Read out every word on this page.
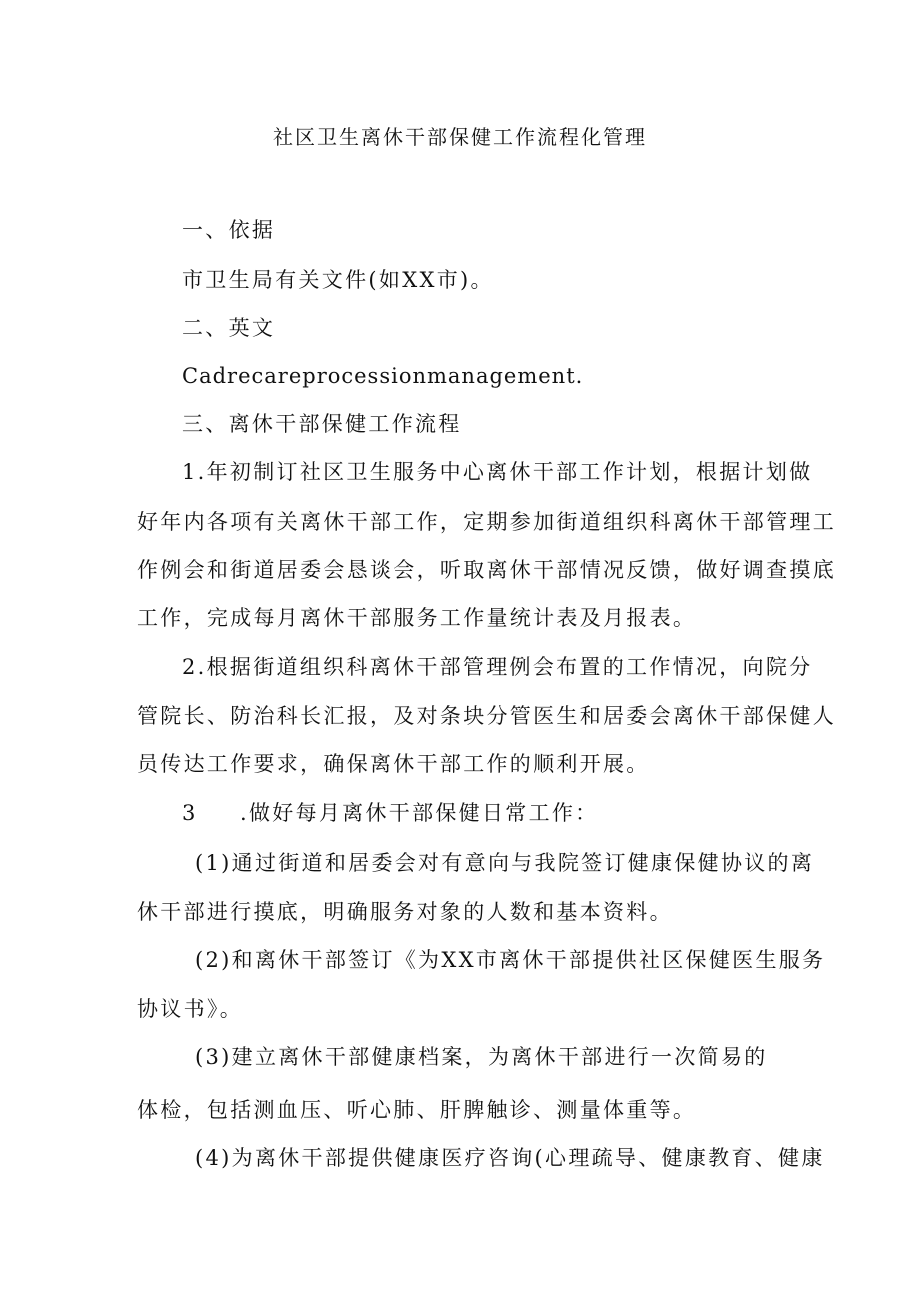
社区卫生离休干部保健工作流程化管理
一、依据
市卫生局有关文件(如XX市)。
二、英文
Cadrecareprocessionmanagement.
三、离休干部保健工作流程
1.年初制订社区卫生服务中心离休干部工作计划，根据计划做
好年内各项有关离休干部工作，定期参加街道组织科离休干部管理工
作例会和街道居委会恳谈会，听取离休干部情况反馈，做好调查摸底
工作，完成每月离休干部服务工作量统计表及月报表。
2.根据街道组织科离休干部管理例会布置的工作情况，向院分
管院长、防治科长汇报，及对条块分管医生和居委会离休干部保健人
员传达工作要求，确保离休干部工作的顺利开展。
3 .做好每月离休干部保健日常工作：
(1)通过街道和居委会对有意向与我院签订健康保健协议的离
休干部进行摸底，明确服务对象的人数和基本资料。
(2)和离休干部签订《为XX市离休干部提供社区保健医生服务
协议书》。
(3)建立离休干部健康档案，为离休干部进行一次简易的
体检，包括测血压、听心肺、肝脾触诊、测量体重等。
(4)为离休干部提供健康医疗咨询(心理疏导、健康教育、健康
